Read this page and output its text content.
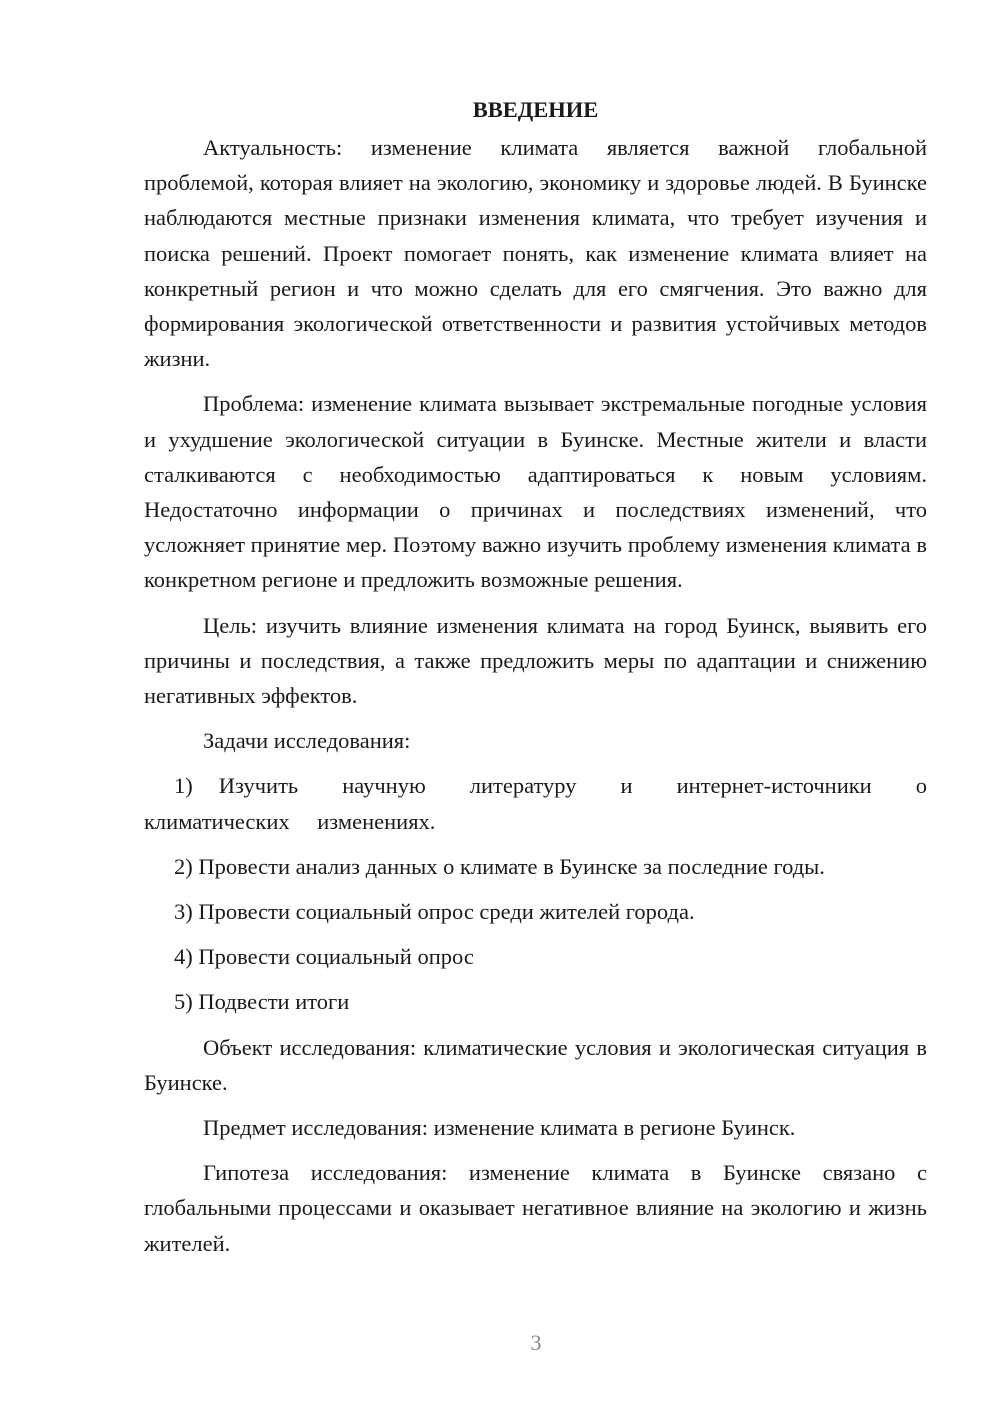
ВВЕДЕНИЕ

Актуальность: изменение климата является важной глобальной проблемой, которая влияет на экологию, экономику и здоровье людей. В Буинске наблюдаются местные признаки изменения климата, что требует изучения и поиска решений. Проект помогает понять, как изменение климата влияет на конкретный регион и что можно сделать для его смягчения. Это важно для формирования экологической ответственности и развития устойчивых методов жизни.

Проблема: изменение климата вызывает экстремальные погодные условия и ухудшение экологической ситуации в Буинске. Местные жители и власти сталкиваются с необходимостью адаптироваться к новым условиям. Недостаточно информации о причинах и последствиях изменений, что усложняет принятие мер. Поэтому важно изучить проблему изменения климата в конкретном регионе и предложить возможные решения.

Цель: изучить влияние изменения климата на город Буинск, выявить его причины и последствия, а также предложить меры по адаптации и снижению негативных эффектов.

Задачи исследования:

1) Изучить научную литературу и интернет-источники о климатических изменениях.

2) Провести анализ данных о климате в Буинске за последние годы.

3) Провести социальный опрос среди жителей города.

4) Провести социальный опрос

5) Подвести итоги

Объект исследования: климатические условия и экологическая ситуация в Буинске.

Предмет исследования: изменение климата в регионе Буинск.

Гипотеза исследования: изменение климата в Буинске связано с глобальными процессами и оказывает негативное влияние на экологию и жизнь жителей.

3
